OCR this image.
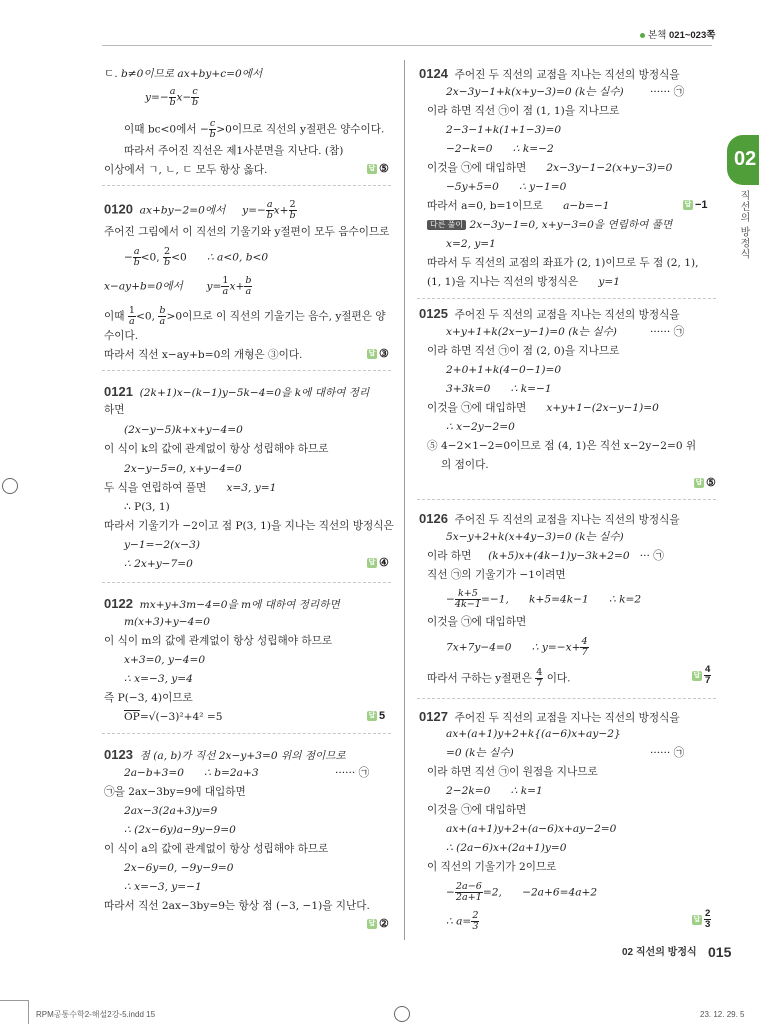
본책 021~023쪽
02
직선의 방정식
ㄷ. b≠0이므로 ax+by+c=0에서
$y=- \frac{a}{b} x- \frac{c}{b}$
이때 bc<0에서 − $\frac{c}{b} >0$이므로 직선의 y절편은 양수이다.
따라서 주어진 직선은 제1사분면을 지난다. (참)
이상에서 ㄱ, ㄴ, ㄷ 모두 항상 옳다.	답 ⑤
0120 ax+by−2=0에서 $y=- \frac{a}{b} x+ \frac{2}{b}$
주어진 그림에서 이 직선의 기울기와 y절편이 모두 음수이므로
− $\frac{a}{b} <0$, $\frac{2}{b} <0$ ∴ a<0, b<0
x−ay+b=0에서 $y= \frac{1}{a} x+ \frac{b}{a}$
이때 $\frac{1}{a} <0$, $\frac{b}{a} >0$이므로 이 직선의 기울기는 음수, y절편은 양
수이다.
따라서 직선 x−ay+b=0의 개형은 ③이다.	답 ③
0121 (2k+1)x−(k−1)y−5k−4=0을 k에 대하여 정리
하면
(2x−y−5)k+x+y−4=0
이 식이 k의 값에 관계없이 항상 성립해야 하므로
2x−y−5=0, x+y−4=0
두 식을 연립하여 풀면 x=3, y=1
∴ P(3, 1)
따라서 기울기가 −2이고 점 P(3, 1)을 지나는 직선의 방정식은
y−1=−2(x−3)
∴ 2x+y−7=0	답 ④
0122 mx+y+3m−4=0을 m에 대하여 정리하면
m(x+3)+y−4=0
이 식이 m의 값에 관계없이 항상 성립해야 하므로
x+3=0, y−4=0
∴ x=−3, y=4
즉 P(−3, 4)이므로
$\overline{OP}=√(-3)^2+4^2 =5$	답 5
0123 점 (a, b)가 직선 2x−y+3=0 위의 점이므로
2a−b+3=0 ∴ b=2a+3	······ ㉠
㉠을 2ax−3by=9에 대입하면
2ax−3(2a+3)y=9
∴ (2x−6y)a−9y−9=0
이 식이 a의 값에 관계없이 항상 성립해야 하므로
2x−6y=0, −9y−9=0
∴ x=−3, y=−1
따라서 직선 2ax−3by=9는 항상 점 (−3, −1)을 지난다.
답 ②
0124 주어진 두 직선의 교점을 지나는 직선의 방정식을
2x−3y−1+k(x+y−3)=0 (k는 실수) ······ ㉠
이라 하면 직선 ㉠이 점 (1, 1)을 지나므로
2−3−1+k(1+1−3)=0
−2−k=0 ∴ k=−2
이것을 ㉠에 대입하면 2x−3y−1−2(x+y−3)=0
−5y+5=0 ∴ y−1=0
따라서 a=0, b=1이므로 a−b=−1	답 −1
다른 풀이 2x−3y−1=0, x+y−3=0을 연립하여 풀면
x=2, y=1
따라서 두 직선의 교점의 좌표가 (2, 1)이므로 두 점 (2, 1),
(1, 1)을 지나는 직선의 방정식은 y=1
0125 주어진 두 직선의 교점을 지나는 직선의 방정식을
x+y+1+k(2x−y−1)=0 (k는 실수)	······ ㉠
이라 하면 직선 ㉠이 점 (2, 0)을 지나므로
2+0+1+k(4−0−1)=0
3+3k=0 ∴ k=−1
이것을 ㉠에 대입하면 x+y+1−(2x−y−1)=0
∴ x−2y−2=0
⑤ 4−2×1−2=0이므로 점 (4, 1)은 직선 x−2y−2=0 위
의 점이다.
답 ⑤
0126 주어진 두 직선의 교점을 지나는 직선의 방정식을
5x−y+2+k(x+4y−3)=0 (k는 실수)
이라 하면 (k+5)x+(4k−1)y−3k+2=0 ··· ㉠
직선 ㉠의 기울기가 −1이려면
− $\frac{k+5}{4k-1} =-1$, k+5=4k−1 ∴ k=2
이것을 ㉠에 대입하면
7x+7y−4=0 ∴ $y=-x+ \frac{4}{7}$
따라서 구하는 y절편은 $\frac{4}{7}$ 이다.	답 $\frac{4}{7}$
0127 주어진 두 직선의 교점을 지나는 직선의 방정식을
ax+(a+1)y+2+k{(a−6)x+ay−2}
=0 (k는 실수)	······ ㉠
이라 하면 직선 ㉠이 원점을 지나므로
2−2k=0 ∴ k=1
이것을 ㉠에 대입하면
ax+(a+1)y+2+(a−6)x+ay−2=0
∴ (2a−6)x+(2a+1)y=0
이 직선의 기울기가 2이므로
− $\frac{2a-6}{2a+1} =2$, −2a+6=4a+2
∴ $a= \frac{2}{3}$	답 $\frac{2}{3}$
02 직선의 방정식 015
RPM공통수학2-해설2강-5.indd 15	23. 12. 29. 5
